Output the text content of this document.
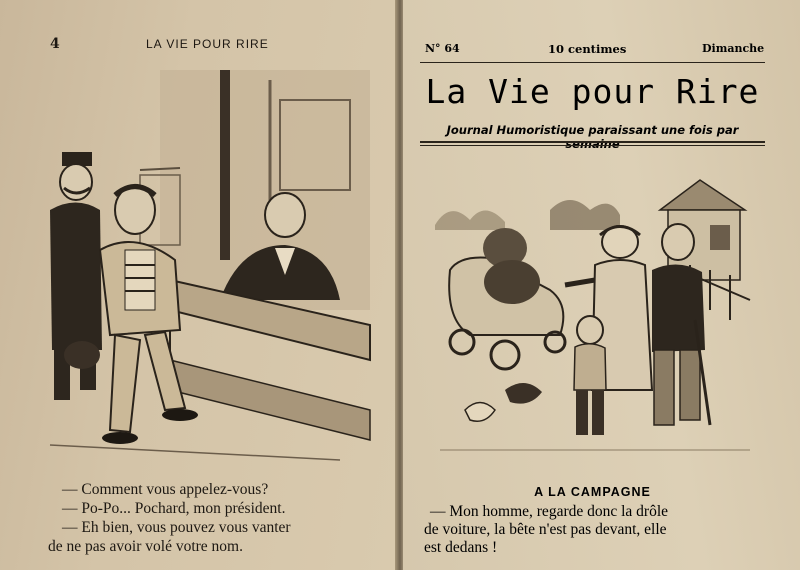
4	LA VIE POUR RIRE
— Comment vous appelez-vous?
— Po-Po... Pochard, mon président.
— Eh bien, vous pouvez vous vanter
de ne pas avoir volé votre nom.
N° 64	10 centimes	Dimanche
La Vie pour Rire
Journal Humoristique paraissant une fois par semaine
A LA CAMPAGNE
— Mon homme, regarde donc la drôle
de voiture, la bête n'est pas devant, elle
est dedans !
